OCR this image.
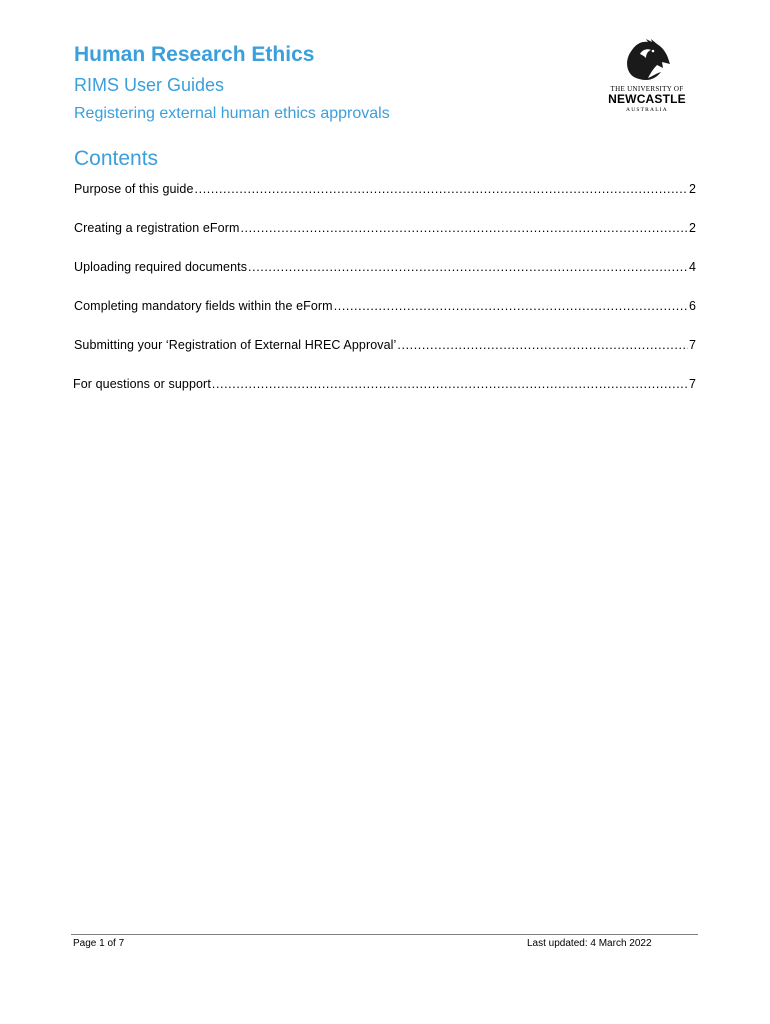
Human Research Ethics
RIMS User Guides
Registering external human ethics approvals
THE UNIVERSITY OF
NEWCASTLE
AUSTRALIA
Contents
Purpose of this guide .....	2
Creating a registration eForm .....	2
Uploading required documents .....	4
Completing mandatory fields within the eForm .....	6
Submitting your ‘Registration of External HREC Approval’ .....	7
For questions or support .....	7
Page 1 of 7	Last updated: 4 March 2022
